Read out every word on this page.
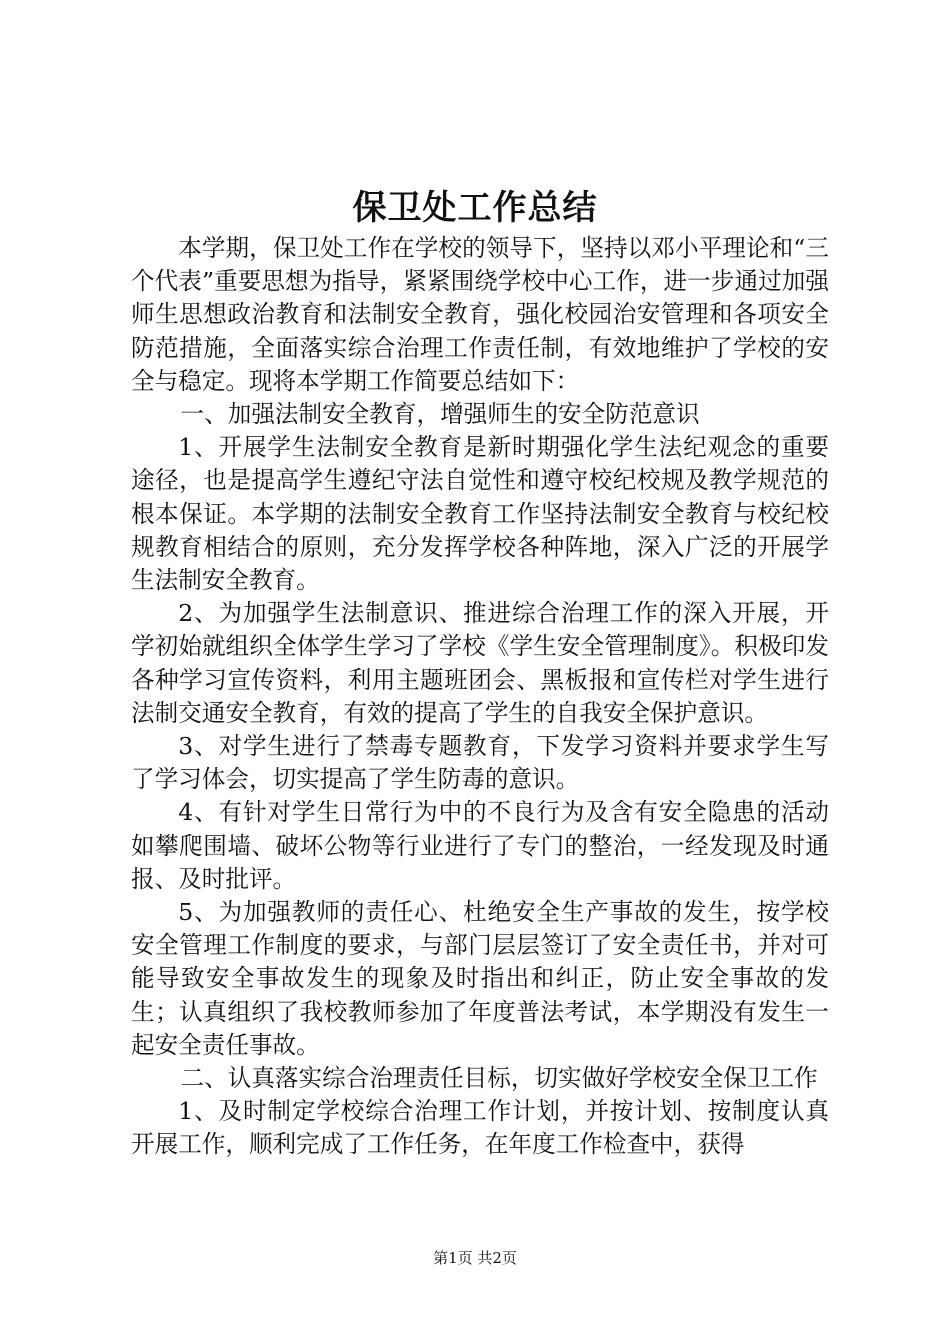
保卫处工作总结

本学期，保卫处工作在学校的领导下，坚持以邓小平理论和“三个代表”重要思想为指导，紧紧围绕学校中心工作，进一步通过加强师生思想政治教育和法制安全教育，强化校园治安管理和各项安全防范措施，全面落实综合治理工作责任制，有效地维护了学校的安全与稳定。现将本学期工作简要总结如下：

一、加强法制安全教育，增强师生的安全防范意识

1、开展学生法制安全教育是新时期强化学生法纪观念的重要途径，也是提高学生遵纪守法自觉性和遵守校纪校规及教学规范的根本保证。本学期的法制安全教育工作坚持法制安全教育与校纪校规教育相结合的原则，充分发挥学校各种阵地，深入广泛的开展学生法制安全教育。

2、为加强学生法制意识、推进综合治理工作的深入开展，开学初始就组织全体学生学习了学校《学生安全管理制度》。积极印发各种学习宣传资料，利用主题班团会、黑板报和宣传栏对学生进行法制交通安全教育，有效的提高了学生的自我安全保护意识。

3、对学生进行了禁毒专题教育，下发学习资料并要求学生写了学习体会，切实提高了学生防毒的意识。

4、有针对学生日常行为中的不良行为及含有安全隐患的活动如攀爬围墙、破坏公物等行业进行了专门的整治，一经发现及时通报、及时批评。

5、为加强教师的责任心、杜绝安全生产事故的发生，按学校安全管理工作制度的要求，与部门层层签订了安全责任书，并对可能导致安全事故发生的现象及时指出和纠正，防止安全事故的发生；认真组织了我校教师参加了年度普法考试，本学期没有发生一起安全责任事故。

二、认真落实综合治理责任目标，切实做好学校安全保卫工作

1、及时制定学校综合治理工作计划，并按计划、按制度认真开展工作，顺利完成了工作任务，在年度工作检查中，获得

第1页 共2页
